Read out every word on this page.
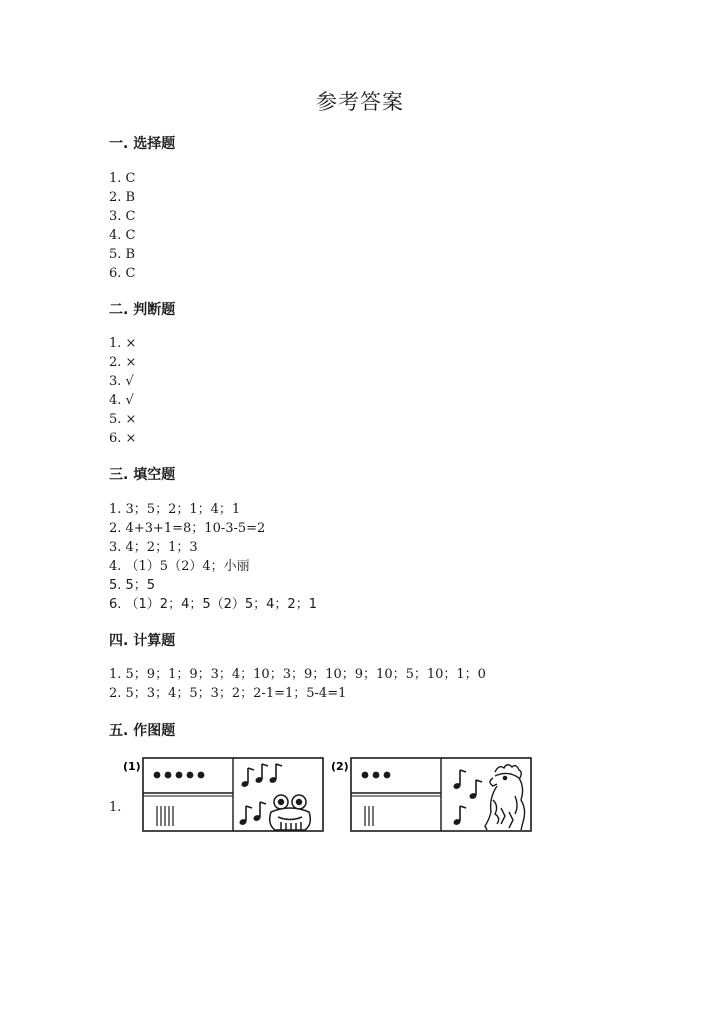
参考答案
一. 选择题
1. C
2. B
3. C
4. C
5. B
6. C
二. 判断题
1. ×
2. ×
3. √
4. √
5. ×
6. ×
三. 填空题
1. 3；5；2；1；4；1
2. 4+3+1=8；10-3-5=2
3. 4；2；1；3
4. （1）5（2）4；小丽
5. 5；5
6. （1）2；4；5（2）5；4；2；1
四. 计算题
1. 5；9；1；9；3；4；10；3；9；10；9；10；5；10；1；0
2. 5；3；4；5；3；2；2-1=1；5-4=1
五. 作图题
1.
(1)	(2)
